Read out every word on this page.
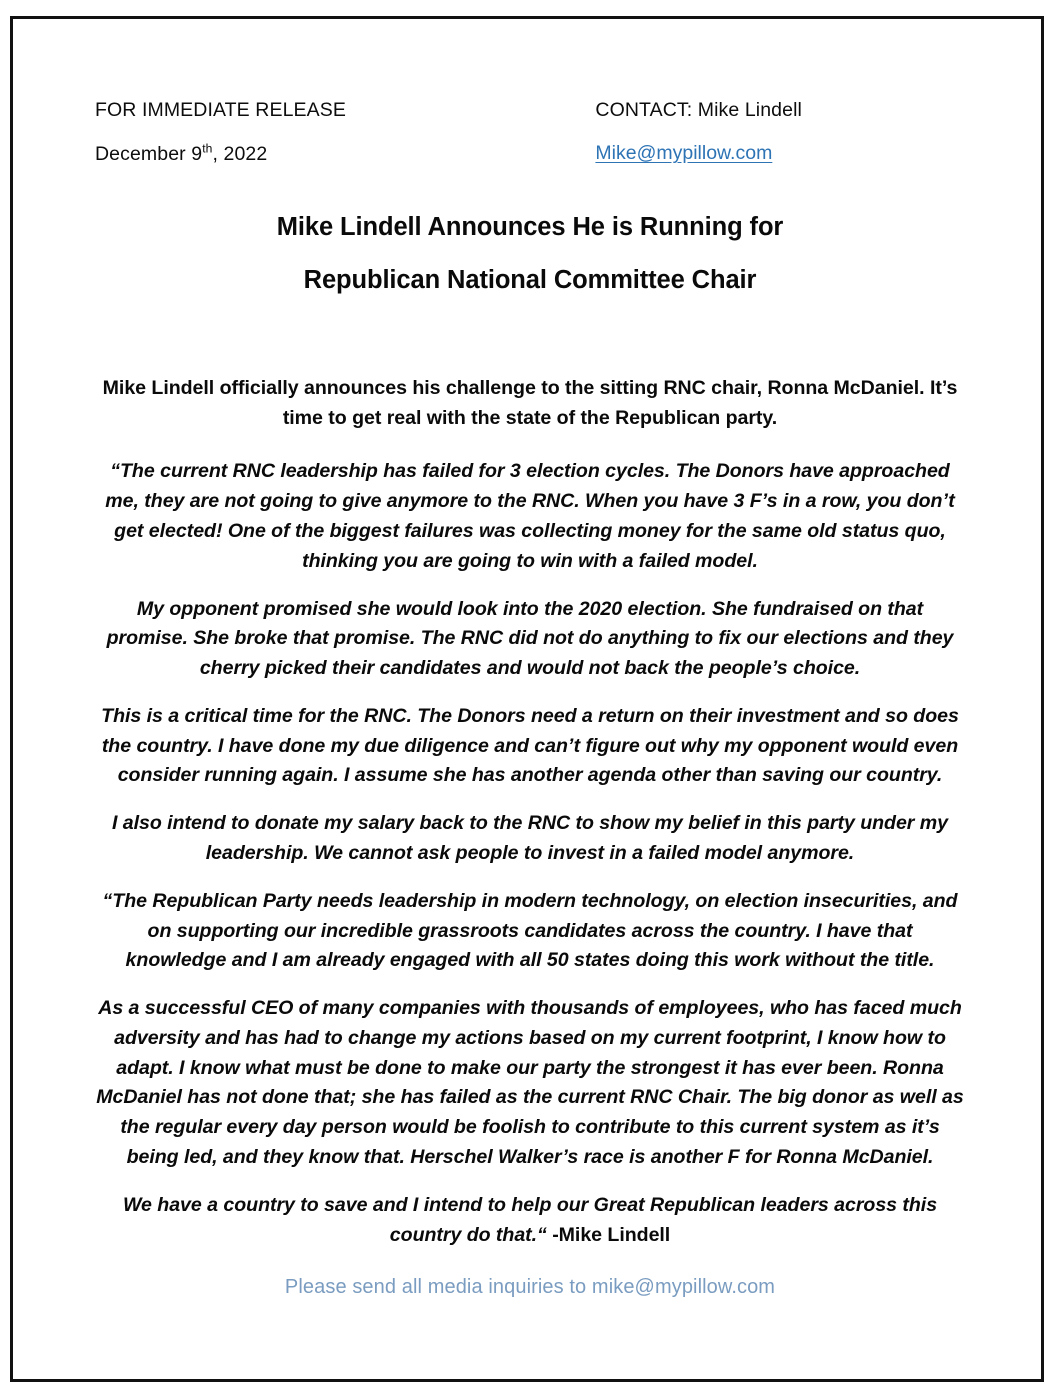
FOR IMMEDIATE RELEASE
December 9th, 2022
CONTACT: Mike Lindell
Mike@mypillow.com
Mike Lindell Announces He is Running for
Republican National Committee Chair

Mike Lindell officially announces his challenge to the sitting RNC chair, Ronna McDaniel. It’s time to get real with the state of the Republican party.

“The current RNC leadership has failed for 3 election cycles. The Donors have approached me, they are not going to give anymore to the RNC. When you have 3 F’s in a row, you don’t get elected! One of the biggest failures was collecting money for the same old status quo, thinking you are going to win with a failed model.

My opponent promised she would look into the 2020 election. She fundraised on that promise. She broke that promise. The RNC did not do anything to fix our elections and they cherry picked their candidates and would not back the people’s choice.

This is a critical time for the RNC. The Donors need a return on their investment and so does the country. I have done my due diligence and can’t figure out why my opponent would even consider running again. I assume she has another agenda other than saving our country.

I also intend to donate my salary back to the RNC to show my belief in this party under my leadership. We cannot ask people to invest in a failed model anymore.

“The Republican Party needs leadership in modern technology, on election insecurities, and on supporting our incredible grassroots candidates across the country. I have that knowledge and I am already engaged with all 50 states doing this work without the title.

As a successful CEO of many companies with thousands of employees, who has faced much adversity and has had to change my actions based on my current footprint, I know how to adapt. I know what must be done to make our party the strongest it has ever been. Ronna McDaniel has not done that; she has failed as the current RNC Chair. The big donor as well as the regular every day person would be foolish to contribute to this current system as it’s being led, and they know that. Herschel Walker’s race is another F for Ronna McDaniel.

We have a country to save and I intend to help our Great Republican leaders across this country do that.“ -Mike Lindell

Please send all media inquiries to mike@mypillow.com
